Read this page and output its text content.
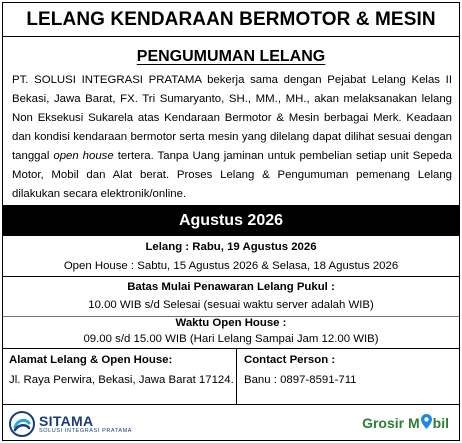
LELANG KENDARAAN BERMOTOR & MESIN
PENGUMUMAN LELANG
PT. SOLUSI INTEGRASI PRATAMA bekerja sama dengan Pejabat Lelang Kelas II Bekasi, Jawa Barat, FX. Tri Sumaryanto, SH., MM., MH., akan melaksanakan lelang Non Eksekusi Sukarela atas Kendaraan Bermotor & Mesin berbagai Merk. Keadaan dan kondisi kendaraan bermotor serta mesin yang dilelang dapat dilihat sesuai dengan tanggal open house tertera. Tanpa Uang jaminan untuk pembelian setiap unit Sepeda Motor, Mobil dan Alat berat. Proses Lelang & Pengumuman pemenang Lelang dilakukan secara elektronik/online.
Agustus 2026
Lelang : Rabu, 19 Agustus 2026
Open House : Sabtu, 15 Agustus 2026 & Selasa, 18 Agustus 2026
Batas Mulai Penawaran Lelang Pukul :
10.00 WIB s/d Selesai (sesuai waktu server adalah WIB)
Waktu Open House :
09.00 s/d 15.00 WIB (Hari Lelang Sampai Jam 12.00 WIB)
Alamat Lelang & Open House:
Jl. Raya Perwira, Bekasi, Jawa Barat 17124.
Contact Person :
Banu : 0897-8591-711
SITAMA
SOLUSI INTEGRASI PRATAMA	Grosir M bil
